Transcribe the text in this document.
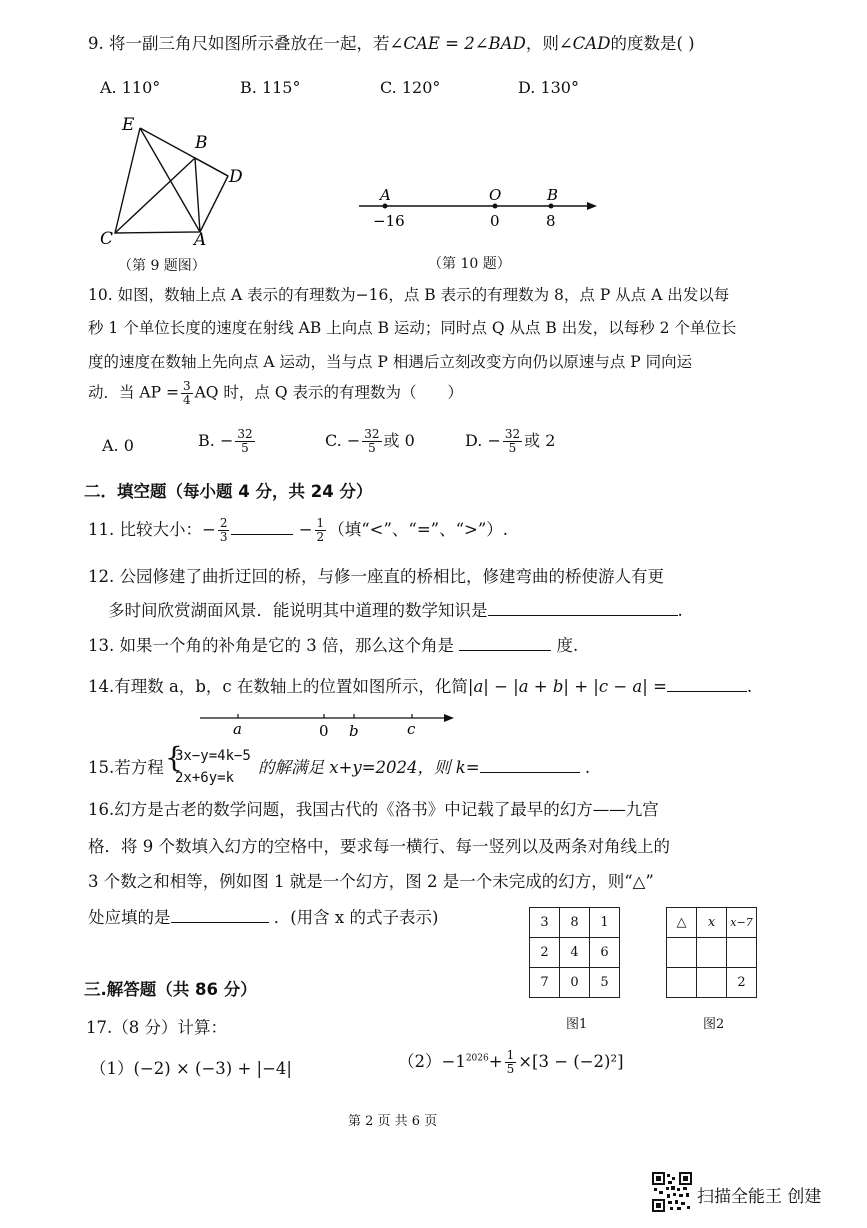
9. 将一副三角尺如图所示叠放在一起，若∠CAE = 2∠BAD，则∠CAD的度数是( )
A. 110°	B. 115°	C. 120°	D. 130°
E
B
D
C	A
（第 9 题图）
A	O	B
−16	0	8
（第 10 题）
10. 如图，数轴上点 A 表示的有理数为−16，点 B 表示的有理数为 8，点 P 从点 A 出发以每
秒 1 个单位长度的速度在射线 AB 上向点 B 运动；同时点 Q 从点 B 出发，以每秒 2 个单位长
度的速度在数轴上先向点 A 运动，当与点 P 相遇后立刻改变方向仍以原速与点 P 同向运
动．当 AP = $\frac{3}{4}$ AQ 时，点 Q 表示的有理数为（　　）
A. 0	B. − $\frac{32}{5}$	C. − $\frac{32}{5}$ 或 0	D. − $\frac{32}{5}$ 或 2
二．填空题（每小题 4 分，共 24 分）
11. 比较大小：− $\frac{2}{3}$	− $\frac{1}{2}$ （填“<”、“=”、“>”）.
12. 公园修建了曲折迂回的桥，与修一座直的桥相比，修建弯曲的桥使游人有更
多时间欣赏湖面风景．能说明其中道理的数学知识是	.
13. 如果一个角的补角是它的 3 倍，那么这个角是	度.
14.有理数 a，b，c 在数轴上的位置如图所示，化简|a| − |a + b| + |c − a| =	.
a	0 b	c
15.若方程 {
3x−y=4k−5
2x+6y=k
的解满足 x+y=2024，则 k=	.
16.幻方是古老的数学问题，我国古代的《洛书》中记载了最早的幻方——九宫
格．将 9 个数填入幻方的空格中，要求每一横行、每一竖列以及两条对角线上的
3 个数之和相等，例如图 1 就是一个幻方，图 2 是一个未完成的幻方，则“△”
处应填的是	．(用含 x 的式子表示)	3	8	1
2	4	6
7	0	5
图1
△	x	x−7

		2
图2
三.解答题（共 86 分）
17.（8 分）计算：
（1）(−2) × (−3) + |−4|	$(2)-1^{2026}+ \frac{1}{5} \times[3 - (-2)^2]$
第 2 页 共 6 页
扫描全能王 创建
